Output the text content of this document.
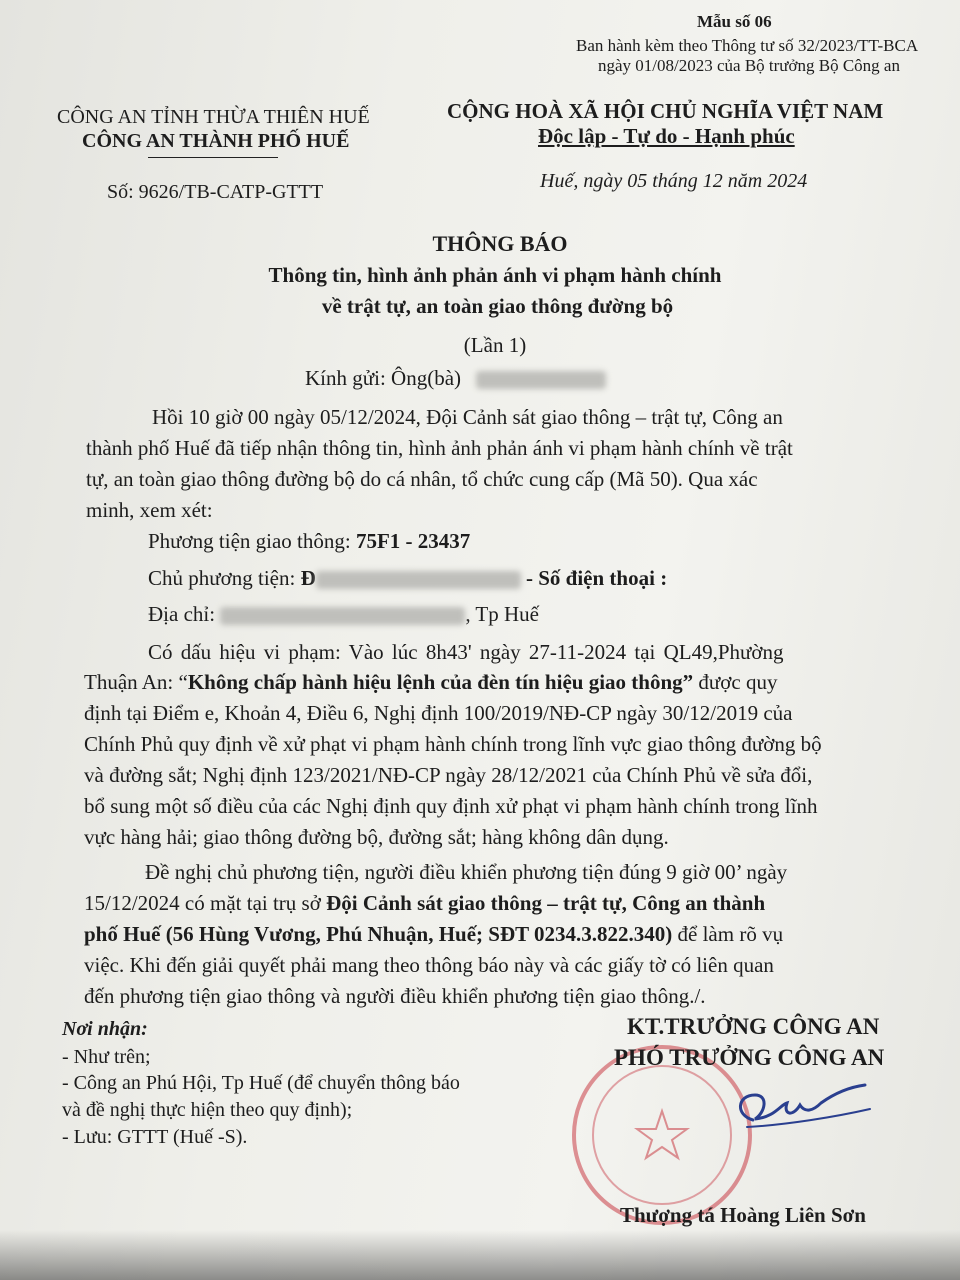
Mẫu số 06
Ban hành kèm theo Thông tư số 32/2023/TT-BCA
ngày 01/08/2023 của Bộ trưởng Bộ Công an
CÔNG AN TỈNH THỪA THIÊN HUẾ
CÔNG AN THÀNH PHỐ HUẾ
Số: 9626/TB-CATP-GTTT
CỘNG HOÀ XÃ HỘI CHỦ NGHĨA VIỆT NAM
Độc lập - Tự do - Hạnh phúc
Huế, ngày 05 tháng 12 năm 2024
THÔNG BÁO
Thông tin, hình ảnh phản ánh vi phạm hành chính
về trật tự, an toàn giao thông đường bộ
(Lần 1)
Kính gửi: Ông(bà)
Hồi 10 giờ 00 ngày 05/12/2024, Đội Cảnh sát giao thông – trật tự, Công an
thành phố Huế đã tiếp nhận thông tin, hình ảnh phản ánh vi phạm hành chính về trật
tự, an toàn giao thông đường bộ do cá nhân, tổ chức cung cấp (Mã 50). Qua xác
minh, xem xét:
Phương tiện giao thông: 75F1 - 23437
Chủ phương tiện: Đ	- Số điện thoại :
Địa chỉ:	, Tp Huế
Có dấu hiệu vi phạm: Vào lúc 8h43' ngày 27-11-2024 tại QL49,Phường
Thuận An: “Không chấp hành hiệu lệnh của đèn tín hiệu giao thông” được quy
định tại Điểm e, Khoản 4, Điều 6, Nghị định 100/2019/NĐ-CP ngày 30/12/2019 của
Chính Phủ quy định về xử phạt vi phạm hành chính trong lĩnh vực giao thông đường bộ
và đường sắt; Nghị định 123/2021/NĐ-CP ngày 28/12/2021 của Chính Phủ về sửa đổi,
bổ sung một số điều của các Nghị định quy định xử phạt vi phạm hành chính trong lĩnh
vực hàng hải; giao thông đường bộ, đường sắt; hàng không dân dụng.
Đề nghị chủ phương tiện, người điều khiển phương tiện đúng 9 giờ 00’ ngày
15/12/2024 có mặt tại trụ sở Đội Cảnh sát giao thông – trật tự, Công an thành
phố Huế (56 Hùng Vương, Phú Nhuận, Huế; SĐT 0234.3.822.340) để làm rõ vụ
việc. Khi đến giải quyết phải mang theo thông báo này và các giấy tờ có liên quan
đến phương tiện giao thông và người điều khiển phương tiện giao thông./.
Nơi nhận:
- Như trên;
- Công an Phú Hội, Tp Huế (để chuyển thông báo
và đề nghị thực hiện theo quy định);
- Lưu: GTTT (Huế -S).
KT.TRƯỞNG CÔNG AN
PHÓ TRƯỞNG CÔNG AN
Thượng tá Hoàng Liên Sơn
